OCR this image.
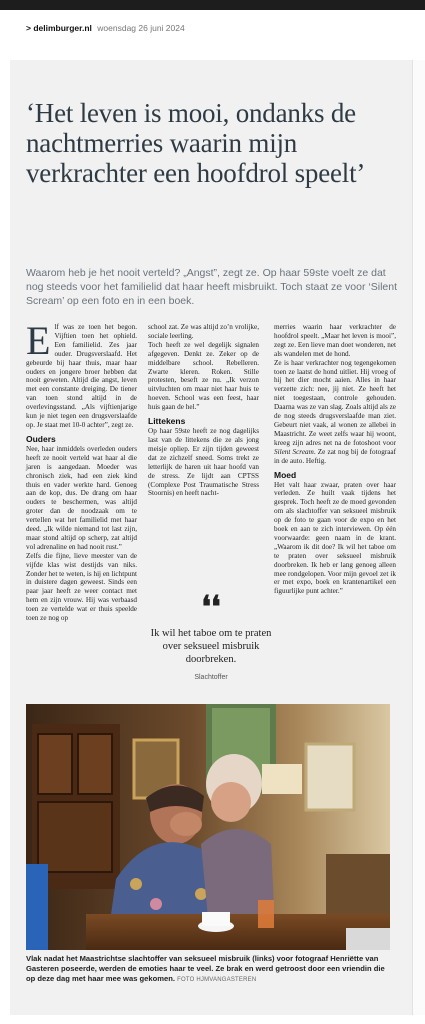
> delimburger.nl woensdag 26 juni 2024
‘Het leven is mooi, ondanks de nachtmerries waarin mijn verkrachter een hoofdrol speelt’

Waarom heb je het nooit verteld? „Angst”, zegt ze. Op haar 59ste voelt ze dat nog steeds voor het familielid dat haar heeft misbruikt. Toch staat ze voor ‘Silent Scream’ op een foto en in een boek.

Elf was ze toen het begon. Vijftien toen het ophield. Een familielid. Zes jaar ouder. Drugsverslaafd. Het gebeurde bij haar thuis, maar haar ouders en jongere broer hebben dat nooit geweten. Altijd die angst, leven met een constante dreiging. De tiener van toen stond altijd in de overlevingsstand. „Als vijftienjarige kun je niet tegen een drugsverslaafde op. Je staat met 10-0 achter”, zegt ze.
Ouders
Nee, haar inmiddels overleden ouders heeft ze nooit verteld wat haar al die jaren is aangedaan. Moeder was chronisch ziek, had een ziek kind thuis en vader werkte hard. Genoeg aan de kop, dus. De drang om haar ouders te beschermen, was altijd groter dan de noodzaak om te vertellen wat het familielid met haar deed. „Ik wilde niemand tot last zijn, maar stond altijd op scherp, zat altijd vol adrenaline en had nooit rust.”
Zelfs die fijne, lieve meester van de vijfde klas wist destijds van niks. Zonder het te weten, is hij en lichtpunt in duistere dagen geweest. Sinds een paar jaar heeft ze weer contact met hem en zijn vrouw. Hij was verbaasd toen ze vertelde wat er thuis speelde toen ze nog op
school zat. Ze was altijd zo’n vrolijke, sociale leerling.
Toch heeft ze wel degelijk signalen afgegeven. Denkt ze. Zeker op de middelbare school. Rebelleren. Zwarte kleren. Roken. Stille protesten, beseft ze nu. „Ik verzon uitvluchten om maar niet haar huis te hoeven. School was een feest, haar huis gaan de hel.”
Littekens
Op haar 59ste heeft ze nog dagelijks last van de littekens die ze als jong meisje opliep. Er zijn tijden geweest dat ze zichzelf sneed. Soms trekt ze letterlijk de haren uit haar hoofd van de stress. Ze lijdt aan CPTSS (Complexe Post Traumatische Stress Stoornis) en heeft nacht-
❛❛
Ik wil het taboe om te praten over seksueel misbruik doorbreken.
Slachtoffer
merries waarin haar verkrachter de hoofdrol speelt. „Maar het leven is mooi”, zegt ze. Een lieve man doet wonderen, net als wandelen met de hond.
Ze is haar verkrachter nog tegengekomen toen ze laatst de hond uitliet. Hij vroeg of hij het dier mocht aaien. Alles in haar verzette zich: nee, jij niet. Ze heeft het niet toegestaan, controle gehouden. Daarna was ze van slag. Zoals altijd als ze de nog steeds drugsverslaafde man ziet. Gebeurt niet vaak, al wonen ze allebei in Maastricht. Ze weet zelfs waar hij woont, kreeg zijn adres net na de fotoshoot voor Silent Scream. Ze zat nog bij de fotograaf in de auto. Heftig.
Moed
Het valt haar zwaar, praten over haar verleden. Ze huilt vaak tijdens het gesprek. Toch heeft ze de moed gevonden om als slachtoffer van seksueel misbruik op de foto te gaan voor de expo en het boek en aan te zich interviewen. Op één voorwaarde: geen naam in de krant. „Waarom ik dit doe? Ik wil het taboe om te praten over seksueel misbruik doorbreken. Ik heb er lang genoeg alleen mee rondgelopen. Voor mijn gevoel zet ik er met expo, boek en krantenartikel een figuurlijke punt achter.”

Vlak nadat het Maastrichtse slachtoffer van seksueel misbruik (links) voor fotograaf Henriëtte van Gasteren poseerde, werden de emoties haar te veel. Ze brak en werd getroost door een vriendin die op deze dag met haar mee was gekomen. FOTO HJMVANGASTEREN
